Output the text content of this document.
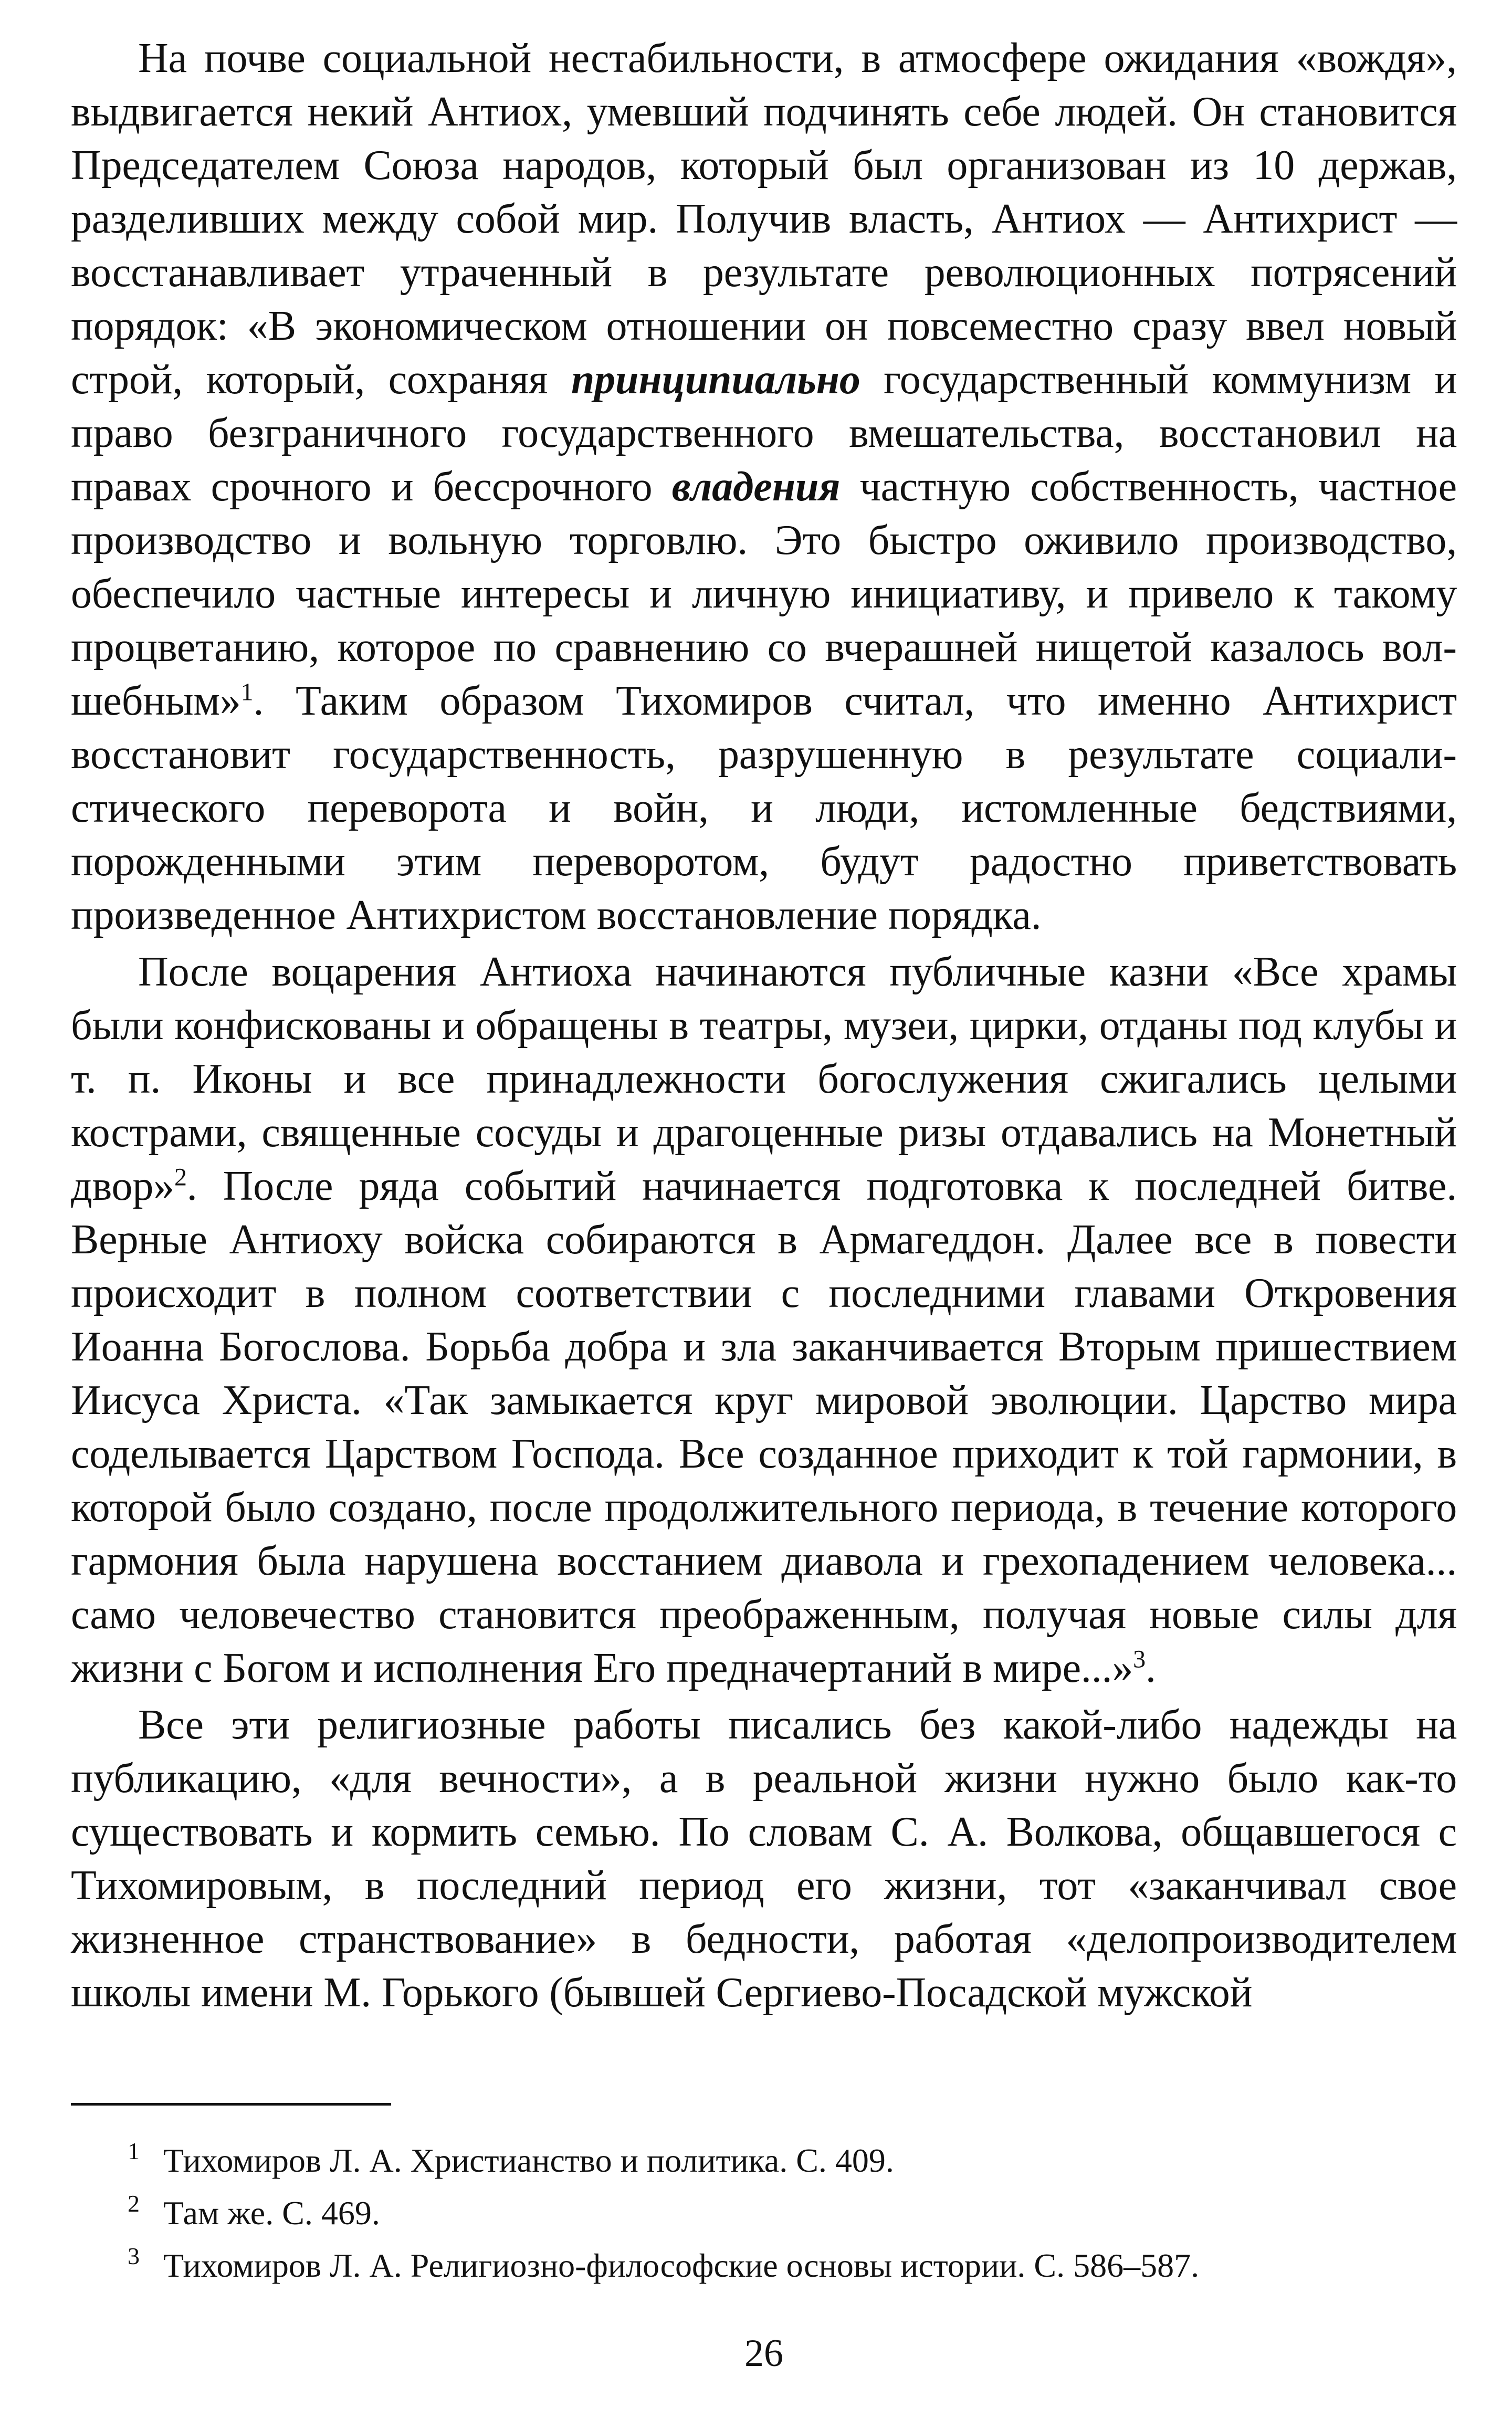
На почве социальной нестабильности, в атмосфере ожидания «вождя», выдвигается некий Антиох, умевший подчинять себе людей. Он становится Председателем Союза народов, который был организован из 10 держав, разделивших между собой мир. Получив власть, Антиох — Антихрист — восстанавливает утраченный в результате революционных потрясений порядок: «В экономическом отношении он повсеместно сразу ввел новый строй, который, сохраняя принципиально государственный коммунизм и право безграничного государственного вмешательства, восстановил на правах срочного и бессрочного владения частную собственность, частное производство и вольную торговлю. Это быстро оживило производство, обеспечило частные интересы и личную инициативу, и привело к такому процветанию, которое по сравнению со вчерашней нищетой казалось волшебным»$^1$. Таким образом Тихомиров считал, что именно Антихрист восстановит государственность, разрушенную в результате социалистического переворота и войн, и люди, истомленные бедствиями, порожденными этим переворотом, будут радостно приветствовать произведенное Антихристом восстановление порядка.

После воцарения Антиоха начинаются публичные казни «Все храмы были конфискованы и обращены в театры, музеи, цирки, отданы под клубы и т. п. Иконы и все принадлежности богослужения сжигались целыми кострами, священные сосуды и драгоценные ризы отдавались на Монетный двор»$^2$. После ряда событий начинается подготовка к последней битве. Верные Антиоху войска собираются в Армагеддон. Далее все в повести происходит в полном соответствии с последними главами Откровения Иоанна Богослова. Борьба добра и зла заканчивается Вторым пришествием Иисуса Христа. «Так замыкается круг мировой эволюции. Царство мира соделывается Царством Господа. Все созданное приходит к той гармонии, в которой было создано, после продолжительного периода, в течение которого гармония была нарушена восстанием диавола и грехопадением человека... само человечество становится преображенным, получая новые силы для жизни с Богом и исполнения Его предначертаний в мире...»$^3$.

Все эти религиозные работы писались без какой-либо надежды на публикацию, «для вечности», а в реальной жизни нужно было как-то существовать и кормить семью. По словам С. А. Волкова, общавшегося с Тихомировым, в последний период его жизни, тот «заканчивал свое жизненное странствование» в бедности, работая «делопроизводителем школы имени М. Горького (бывшей Сергиево-Посадской мужской

1 Тихомиров Л. А. Христианство и политика. С. 409.

2 Там же. С. 469.

3 Тихомиров Л. А. Религиозно-философские основы истории. С. 586–587.

26
